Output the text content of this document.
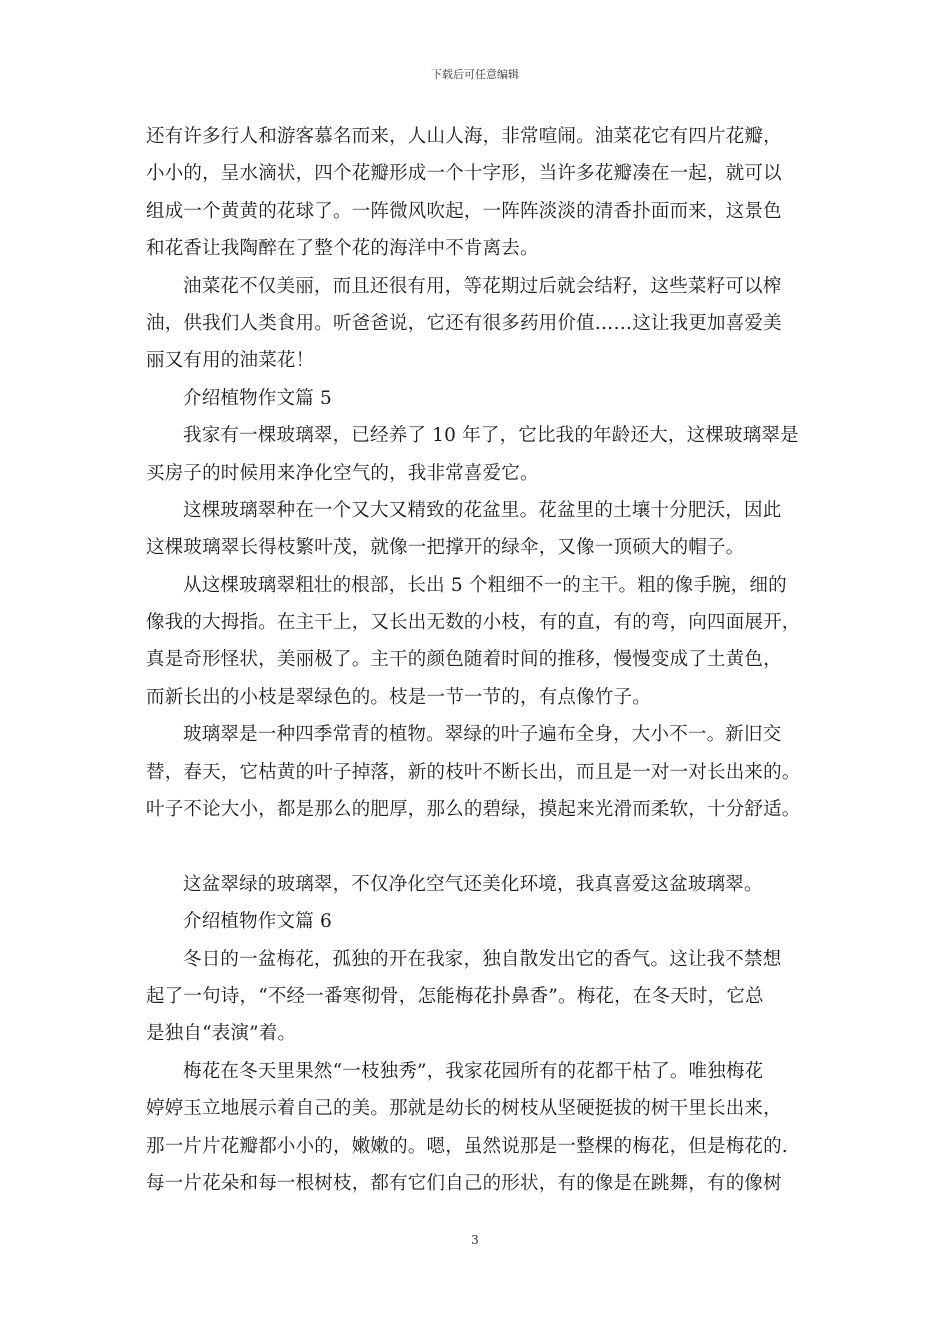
下载后可任意编辑
还有许多行人和游客慕名而来，人山人海，非常喧闹。油菜花它有四片花瓣，
小小的，呈水滴状，四个花瓣形成一个十字形，当许多花瓣凑在一起，就可以
组成一个黄黄的花球了。一阵微风吹起，一阵阵淡淡的清香扑面而来，这景色
和花香让我陶醉在了整个花的海洋中不肯离去。
油菜花不仅美丽，而且还很有用，等花期过后就会结籽，这些菜籽可以榨
油，供我们人类食用。听爸爸说，它还有很多药用价值……这让我更加喜爱美
丽又有用的油菜花！
介绍植物作文篇 5
我家有一棵玻璃翠，已经养了 10 年了，它比我的年龄还大，这棵玻璃翠是
买房子的时候用来净化空气的，我非常喜爱它。
这棵玻璃翠种在一个又大又精致的花盆里。花盆里的土壤十分肥沃，因此
这棵玻璃翠长得枝繁叶茂，就像一把撑开的绿伞，又像一顶硕大的帽子。
从这棵玻璃翠粗壮的根部，长出 5 个粗细不一的主干。粗的像手腕，细的
像我的大拇指。在主干上，又长出无数的小枝，有的直，有的弯，向四面展开，
真是奇形怪状，美丽极了。主干的颜色随着时间的推移，慢慢变成了土黄色，
而新长出的小枝是翠绿色的。枝是一节一节的，有点像竹子。
玻璃翠是一种四季常青的植物。翠绿的叶子遍布全身，大小不一。新旧交
替，春天，它枯黄的叶子掉落，新的枝叶不断长出，而且是一对一对长出来的。
叶子不论大小，都是那么的肥厚，那么的碧绿，摸起来光滑而柔软，十分舒适。
这盆翠绿的玻璃翠，不仅净化空气还美化环境，我真喜爱这盆玻璃翠。
介绍植物作文篇 6
冬日的一盆梅花，孤独的开在我家，独自散发出它的香气。这让我不禁想
起了一句诗，“不经一番寒彻骨，怎能梅花扑鼻香”。梅花，在冬天时，它总
是独自“表演”着。
梅花在冬天里果然“一枝独秀”，我家花园所有的花都干枯了。唯独梅花
婷婷玉立地展示着自己的美。那就是幼长的树枝从坚硬挺拔的树干里长出来，
那一片片花瓣都小小的，嫩嫩的。嗯，虽然说那是一整棵的梅花，但是梅花的.
每一片花朵和每一根树枝，都有它们自己的形状，有的像是在跳舞，有的像树
3
